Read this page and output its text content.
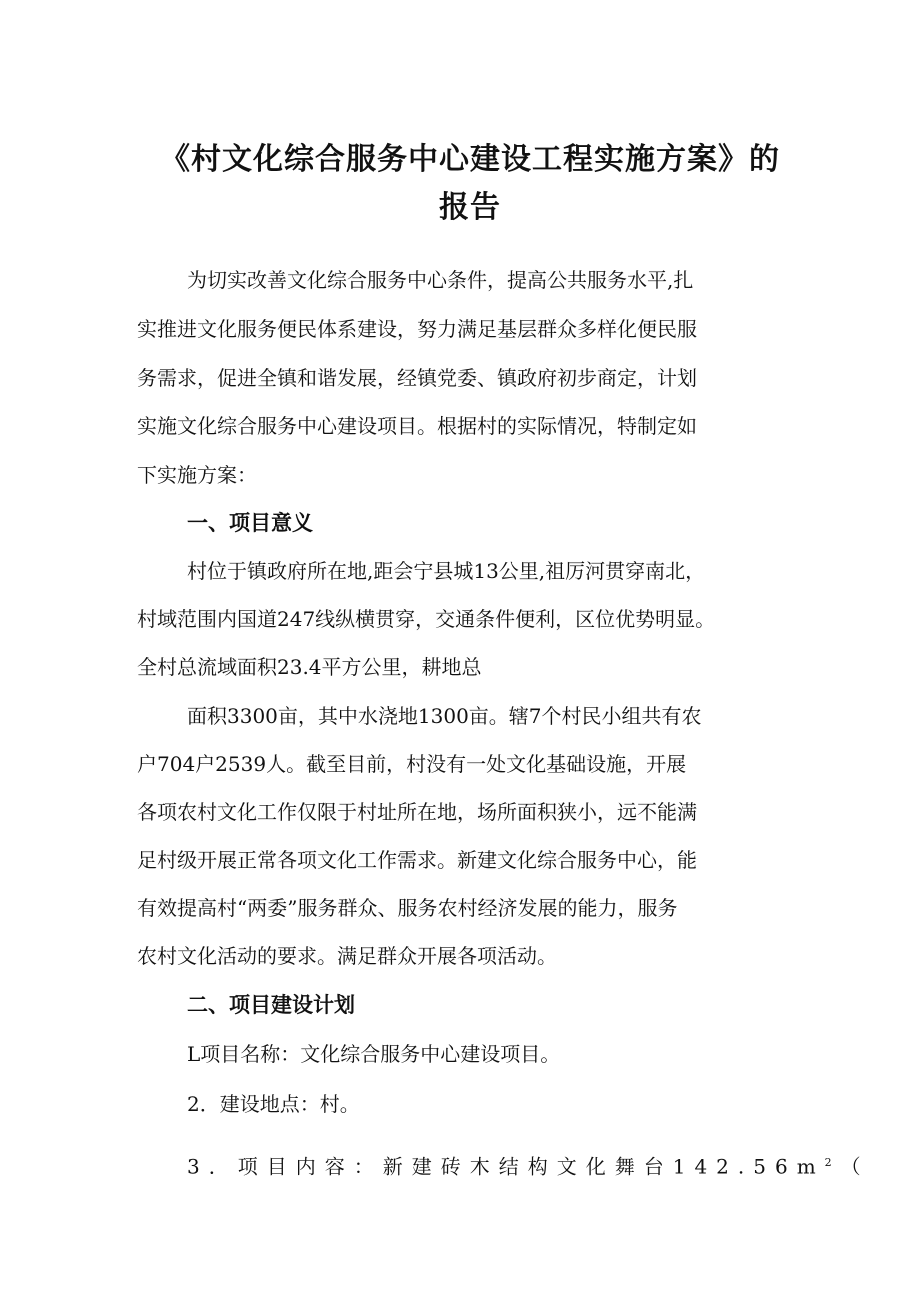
《村文化综合服务中心建设工程实施方案》的
报告

为切实改善文化综合服务中心条件，提高公共服务水平,扎

实推进文化服务便民体系建设，努力满足基层群众多样化便民服

务需求，促进全镇和谐发展，经镇党委、镇政府初步商定，计划

实施文化综合服务中心建设项目。根据村的实际情况，特制定如

下实施方案：

一、项目意义

村位于镇政府所在地,距会宁县城13公里,祖厉河贯穿南北，

村域范围内国道247线纵横贯穿，交通条件便利，区位优势明显。

全村总流域面积23.4平方公里，耕地总

面积3300亩，其中水浇地1300亩。辖7个村民小组共有农

户704户2539人。截至目前，村没有一处文化基础设施，开展

各项农村文化工作仅限于村址所在地，场所面积狭小，远不能满

足村级开展正常各项文化工作需求。新建文化综合服务中心，能

有效提高村“两委”服务群众、服务农村经济发展的能力，服务

农村文化活动的要求。满足群众开展各项活动。

二、项目建设计划

L项目名称：文化综合服务中心建设项目。

2．建设地点：村。

3．项目内容：新建砖木结构文化舞台$142.56m^2$（
